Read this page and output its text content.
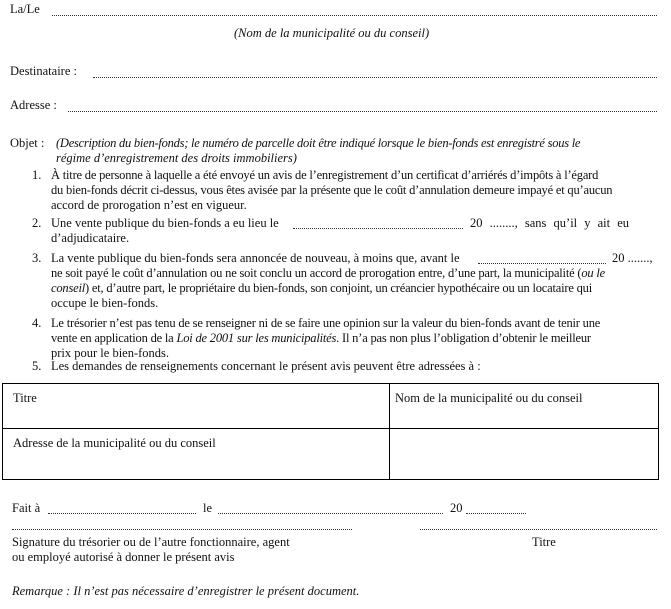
La/Le
(Nom de la municipalité ou du conseil)
Destinataire :
Adresse :
Objet : (Description du bien-fonds; le numéro de parcelle doit être indiqué lorsque le bien-fonds est enregistré sous le
régime d’enregistrement des droits immobiliers)
1. À titre de personne à laquelle a été envoyé un avis de l’enregistrement d’un certificat d’arriérés d’impôts à l’égard
du bien-fonds décrit ci-dessus, vous êtes avisée par la présente que le coût d’annulation demeure impayé et qu’aucun
accord de prorogation n’est en vigueur.
2. Une vente publique du bien-fonds a eu lieu le	20 ........, sans qu’il y ait eu
d’adjudicataire.
3. La vente publique du bien-fonds sera annoncée de nouveau, à moins que, avant le	20 .......,
ne soit payé le coût d’annulation ou ne soit conclu un accord de prorogation entre, d’une part, la municipalité (ou le
conseil) et, d’autre part, le propriétaire du bien-fonds, son conjoint, un créancier hypothécaire ou un locataire qui
occupe le bien-fonds.
4. Le trésorier n’est pas tenu de se renseigner ni de se faire une opinion sur la valeur du bien-fonds avant de tenir une
vente en application de la Loi de 2001 sur les municipalités. Il n’a pas non plus l’obligation d’obtenir le meilleur
prix pour le bien-fonds.
5. Les demandes de renseignements concernant le présent avis peuvent être adressées à :
Titre	Nom de la municipalité ou du conseil
Adresse de la municipalité ou du conseil
Fait à	le	20
Signature du trésorier ou de l’autre fonctionnaire, agent
ou employé autorisé à donner le présent avis
Titre
Remarque : Il n’est pas nécessaire d’enregistrer le présent document.
